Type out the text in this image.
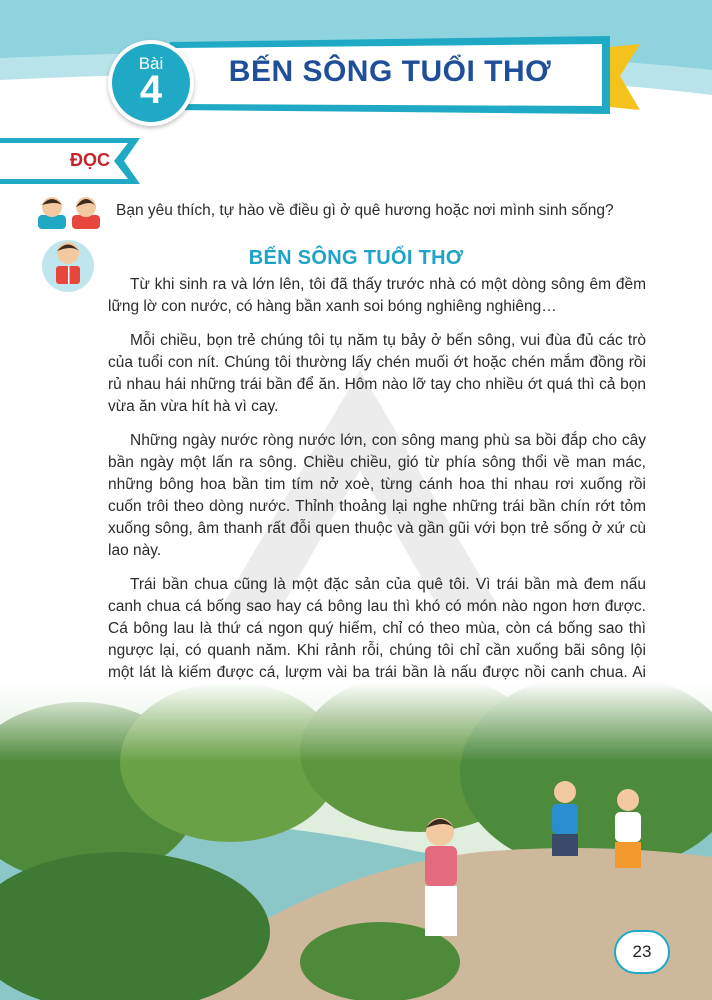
Bài
4	BẾN SÔNG TUỔI THƠ
ĐỌC
Bạn yêu thích, tự hào về điều gì ở quê hương hoặc nơi mình sinh sống?
BẾN SÔNG TUỔI THƠ

Từ khi sinh ra và lớn lên, tôi đã thấy trước nhà có một dòng sông êm đềm lững lờ con nước, có hàng bần xanh soi bóng nghiêng nghiêng…

Mỗi chiều, bọn trẻ chúng tôi tụ năm tụ bảy ở bến sông, vui đùa đủ các trò của tuổi con nít. Chúng tôi thường lấy chén muối ớt hoặc chén mắm đồng rồi rủ nhau hái những trái bần để ăn. Hôm nào lỡ tay cho nhiều ớt quá thì cả bọn vừa ăn vừa hít hà vì cay.

Những ngày nước ròng nước lớn, con sông mang phù sa bồi đắp cho cây bần ngày một lấn ra sông. Chiều chiều, gió từ phía sông thổi về man mác, những bông hoa bần tim tím nở xoè, từng cánh hoa thi nhau rơi xuống rồi cuốn trôi theo dòng nước. Thỉnh thoảng lại nghe những trái bần chín rớt tỏm xuống sông, âm thanh rất đỗi quen thuộc và gần gũi với bọn trẻ sống ở xứ cù lao này.

Trái bần chua cũng là một đặc sản của quê tôi. Vì trái bần mà đem nấu canh chua cá bống sao hay cá bông lau thì khó có món nào ngon hơn được. Cá bông lau là thứ cá ngon quý hiếm, chỉ có theo mùa, còn cá bống sao thì ngược lại, có quanh năm. Khi rảnh rỗi, chúng tôi chỉ cần xuống bãi sông lội một lát là kiếm được cá, lượm vài ba trái bần là nấu được nồi canh chua. Ai

23
